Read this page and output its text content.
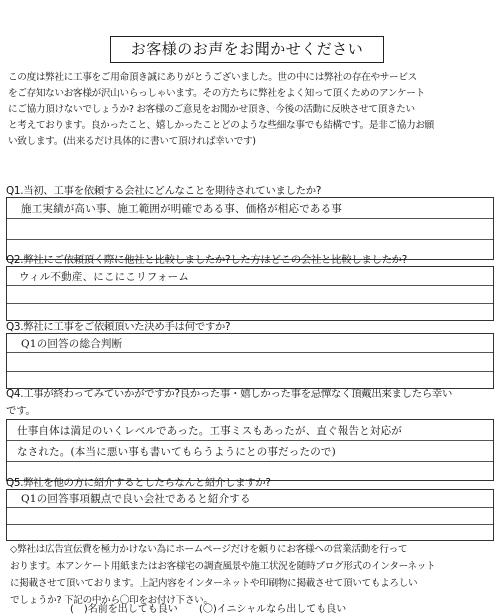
お客様のお声をお聞かせください
この度は弊社に工事をご用命頂き誠にありがとうございました。世の中には弊社の存在やサービス
をご存知ないお客様が沢山いらっしゃいます。その方たちに弊社をよく知って頂くためのアンケート
にご協力頂けないでしょうか? お客様のご意見をお聞かせ頂き、今後の活動に反映させて頂きたい
と考えております。良かったこと、嬉しかったことどのような些細な事でも結構です。是非ご協力お願
い致します。(出来るだけ具体的に書いて頂ければ幸いです)
Q1.当初、工事を依頼する会社にどんなことを期待されていましたか?
施工実績が高い事、施工範囲が明確である事、価格が相応である事
Q2.弊社にご依頼頂く際に他社と比較しましたか?した方はどこの会社と比較しましたか?
ウィル不動産、にこにこリフォーム
Q3.弊社に工事をご依頼頂いた決め手は何ですか?
Q1の回答の総合判断
Q4.工事が終わってみていかがですか?良かった事・嬉しかった事を忌憚なく頂戴出来ましたら幸い
です。
仕事自体は満足のいくレベルであった。工事ミスもあったが、直ぐ報告と対応が
なされた。(本当に悪い事も書いてもらうようにとの事だったので)
Q5.弊社を他の方に紹介するとしたらなんと紹介しますか?
Q1の回答事項観点で良い会社であると紹介する
◇弊社は広告宣伝費を極力かけない為にホームページだけを頼りにお客様への営業活動を行って
おります。本アンケート用紙またはお客様宅の調査風景や施工状況を随時ブログ形式のインターネット
に掲載させて頂いております。上記内容をインターネットや印刷物に掲載させて頂いてもよろしい
でしょうか? 下記の中から〇印をお付け下さい。
(　)名前を出しても良い (〇)イニシャルなら出しても良い
